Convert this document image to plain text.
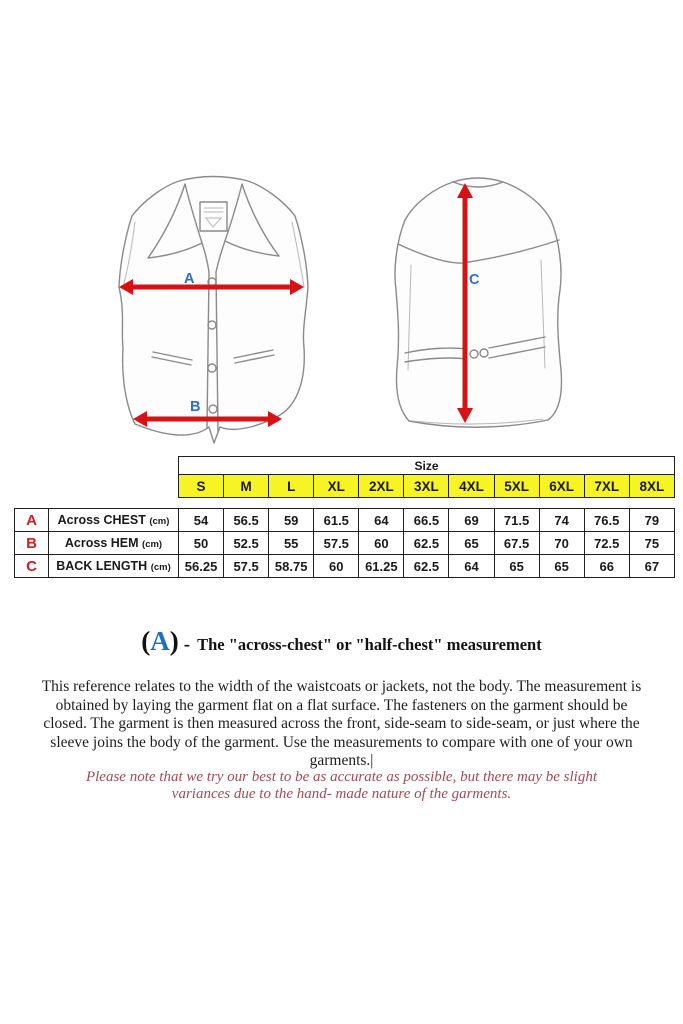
A
B
C
Size
S	M	L	XL	2XL	3XL	4XL	5XL	6XL	7XL	8XL
A	Across CHEST (cm)	54	56.5	59	61.5	64	66.5	69	71.5	74	76.5	79
B	Across HEM (cm)	50	52.5	55	57.5	60	62.5	65	67.5	70	72.5	75
C	BACK LENGTH (cm)	56.25	57.5	58.75	60	61.25	62.5	64	65	65	66	67
(A) - The "across-chest" or "half-chest" measurement

This reference relates to the width of the waistcoats or jackets, not the body. The measurement is obtained by laying the garment flat on a flat surface. The fasteners on the garment should be closed. The garment is then measured across the front, side-seam to side-seam, or just where the sleeve joins the body of the garment. Use the measurements to compare with one of your own garments.|

Please note that we try our best to be as accurate as possible, but there may be slight variances due to the hand- made nature of the garments.
